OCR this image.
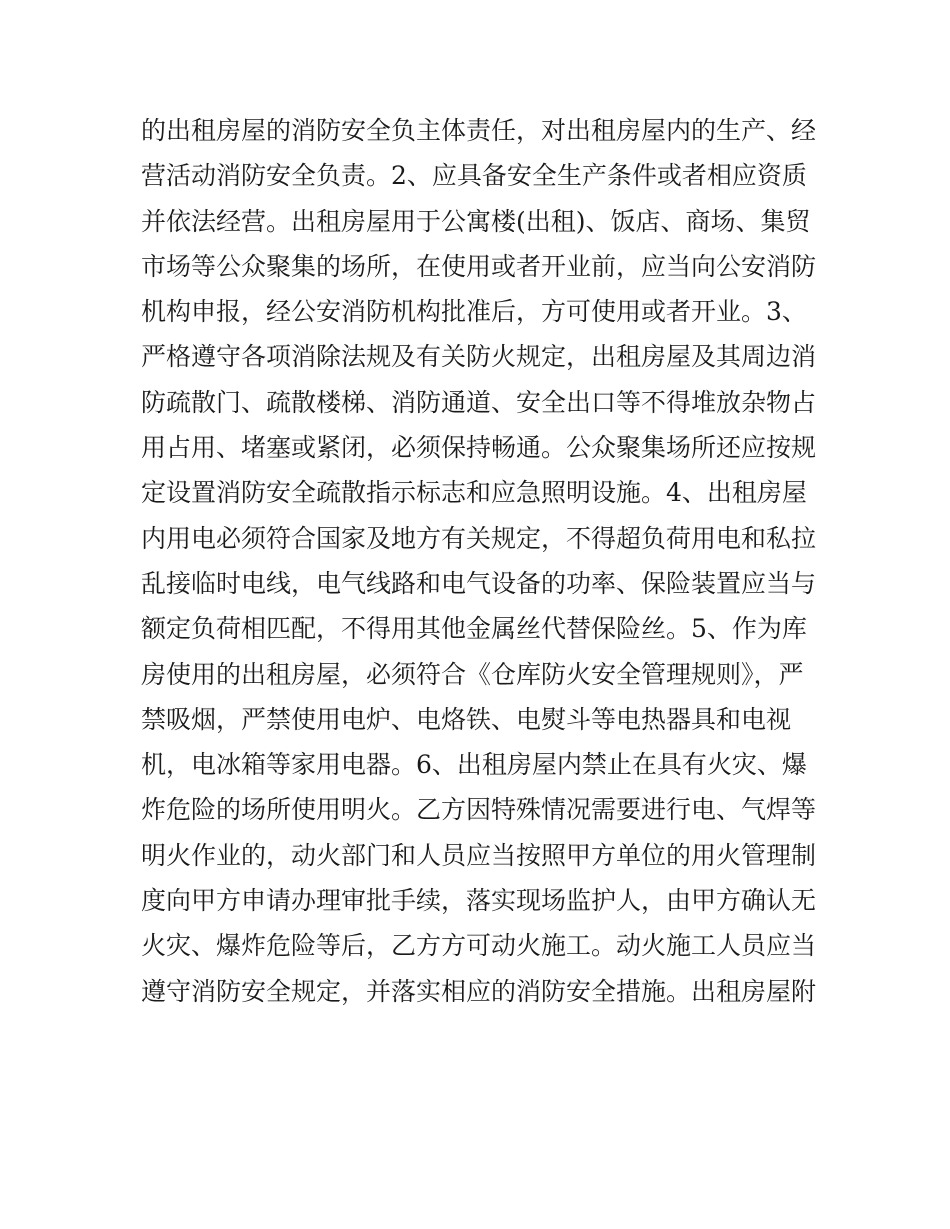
的出租房屋的消防安全负主体责任，对出租房屋内的生产、经
营活动消防安全负责。2、应具备安全生产条件或者相应资质
并依法经营。出租房屋用于公寓楼(出租)、饭店、商场、集贸
市场等公众聚集的场所，在使用或者开业前，应当向公安消防
机构申报，经公安消防机构批准后，方可使用或者开业。3、
严格遵守各项消除法规及有关防火规定，出租房屋及其周边消
防疏散门、疏散楼梯、消防通道、安全出口等不得堆放杂物占
用占用、堵塞或紧闭，必须保持畅通。公众聚集场所还应按规
定设置消防安全疏散指示标志和应急照明设施。4、出租房屋
内用电必须符合国家及地方有关规定，不得超负荷用电和私拉
乱接临时电线，电气线路和电气设备的功率、保险装置应当与
额定负荷相匹配，不得用其他金属丝代替保险丝。5、作为库
房使用的出租房屋，必须符合《仓库防火安全管理规则》，严
禁吸烟，严禁使用电炉、电烙铁、电熨斗等电热器具和电视
机，电冰箱等家用电器。6、出租房屋内禁止在具有火灾、爆
炸危险的场所使用明火。乙方因特殊情况需要进行电、气焊等
明火作业的，动火部门和人员应当按照甲方单位的用火管理制
度向甲方申请办理审批手续，落实现场监护人，由甲方确认无
火灾、爆炸危险等后，乙方方可动火施工。动火施工人员应当
遵守消防安全规定，并落实相应的消防安全措施。出租房屋附
